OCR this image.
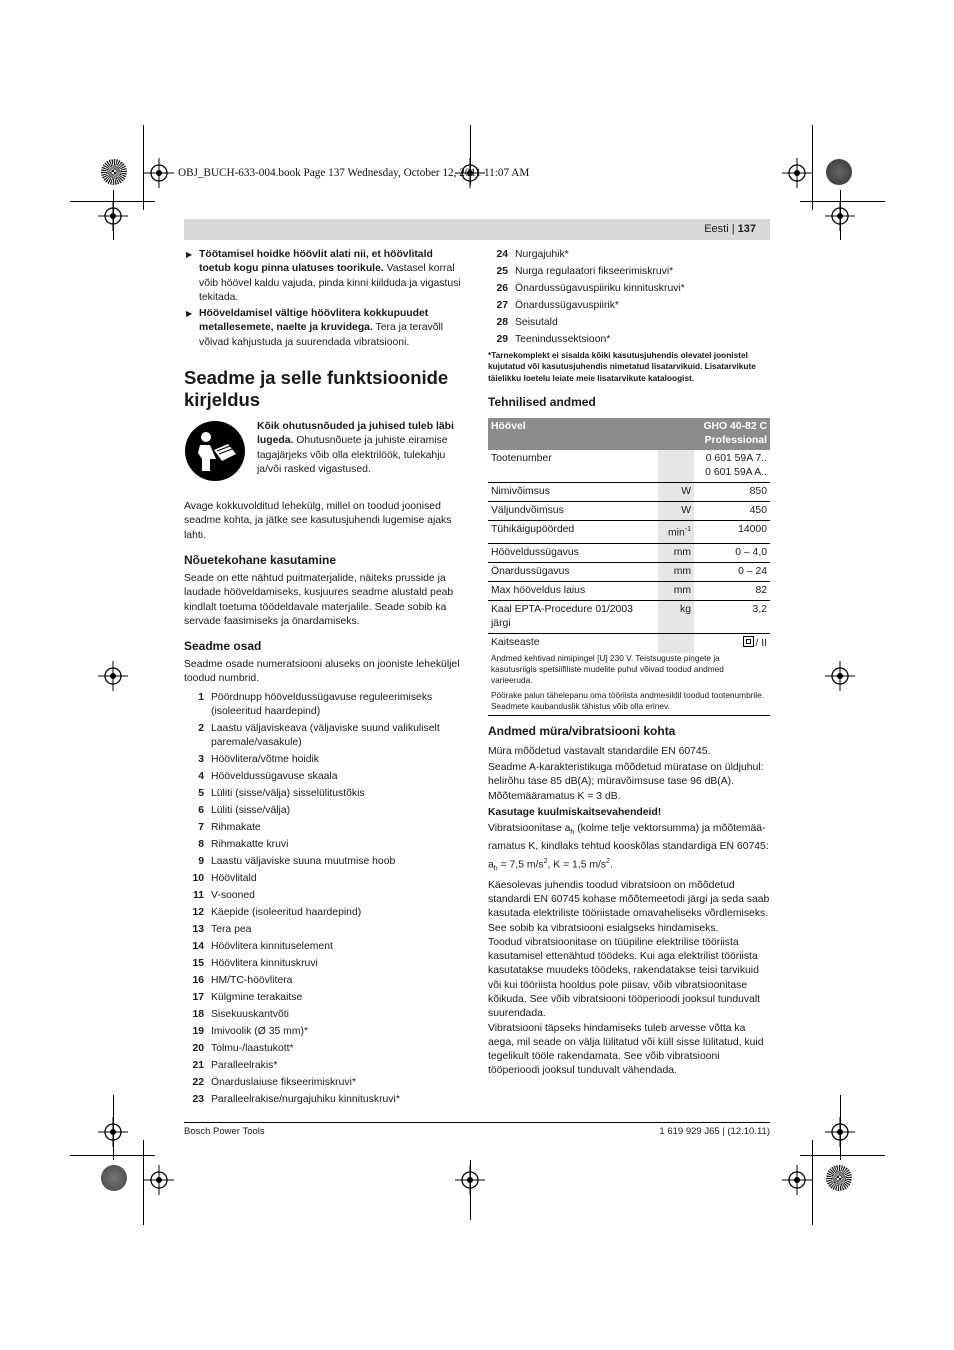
OBJ_BUCH-633-004.book Page 137 Wednesday, October 12, 2011 11:07 AM
Eesti | 137
▶ Töötamisel hoidke höövlit alati nii, et höövlitald toetub kogu pinna ulatuses toorikule. Vastasel korral võib höövel kaldu vajuda, pinda kinni kiilduda ja vigastusi tekitada.
▶ Hööveldamisel vältige höövlitera kokkupuudet metallesemete, naelte ja kruvidega. Tera ja teravõll võivad kahjustuda ja suurendada vibratsiooni.
Seadme ja selle funktsioonide
kirjeldus
Kõik ohutusnõuded ja juhised tuleb läbi lugeda. Ohutusnõuete ja juhiste eiramise tagajärjeks võib olla elektrilöök, tulekahju ja/või rasked vigastused.

Avage kokkuvolditud lehekülg, millel on toodud joonised seadme kohta, ja jätke see kasutusjuhendi lugemise ajaks lahti.

Nõuetekohane kasutamine

Seade on ette nähtud puitmaterjalide, näiteks prusside ja laudade hööveldamiseks, kusjuures seadme alustald peab kindlalt toetuma töödeldavale materjalile. Seade sobib ka servade faasimiseks ja önardamiseks.

Seadme osad

Seadme osade numeratsiooni aluseks on jooniste leheküljel toodud numbrid.

1 Pöördnupp hööveldussügavuse reguleerimiseks (isoleeritud haardepind)
2 Laastu väljaviskeava (väljaviske suund valikuliselt paremale/vasakule)
3 Höövlitera/võtme hoidik
4 Hööveldussügavuse skaala
5 Lüliti (sisse/välja) sisselülitustõkis
6 Lüliti (sisse/välja)
7 Rihmakate
8 Rihmakatte kruvi
9 Laastu väljaviske suuna muutmise hoob
10 Höövlitald
11 V-sooned
12 Käepide (isoleeritud haardepind)
13 Tera pea
14 Höövlitera kinnituselement
15 Höövlitera kinnituskruvi
16 HM/TC-höövlitera
17 Külgmine terakaitse
18 Sisekuuskantvõti
19 Imivoolik (Ø 35 mm)*
20 Tolmu-/laastukott*
21 Paralleelrakis*
22 Önarduslaiuse fikseerimiskruvi*
23 Paralleelrakise/nurgajuhiku kinnituskruvi*
24 Nurgajuhik*
25 Nurga regulaatori fikseerimiskruvi*
26 Önardussügavuspiiriku kinnituskruvi*
27 Önardussügavuspiirik*
28 Seisutald
29 Teenindussektsioon*

*Tarnekomplekt ei sisalda kõiki kasutusjuhendis olevatel joonistel kujutatud või kasutusjuhendis nimetatud lisatarvikuid. Lisatarvikute täielikku loetelu leiate meie lisatarvikute kataloogist.

Tehnilised andmed
Höövel		GHO 40-82 C
Professional
Tootenumber		0 601 59A 7..
0 601 59A A..
Nimivõimsus	W	850
Väljundvõimsus	W	450
Tühikäigupöörded	$\min^{-1}$	14000
Hööveldussügavus	mm	0 – 4,0
Önardussügavus	mm	0 – 24
Max hööveldus laius	mm	82
Kaal EPTA-Procedure 01/2003 järgi	kg	3,2
Kaitseaste		/ II

Andmed kehtivad nimipingel [U] 230 V. Teistsuguste pingete ja kasutusriigis spetsiifiliste mudelite puhul võivad toodud andmed varieeruda.

Pöörake palun tähelepanu oma tööriista andmesildil toodud tootenumbrile. Seadmete kaubanduslik tähistus võib olla erinev.

Andmed müra/vibratsiooni kohta

Müra mõõdetud vastavalt standardile EN 60745.

Seadme A-karakteristikuga mõõdetud müratase on üldjuhul: helirõhu tase 85 dB(A); müravõimsuse tase 96 dB(A). Mõõtemääramatus K = 3 dB.

Kasutage kuulmiskaitsevahendeid!

Vibratsioonitase $a_h$ (kolme telje vektorsumma) ja mõõtemää-ramatus K, kindlaks tehtud kooskõlas standardiga EN 60745: $a_h = 7,5$ $m/s^2$, K = 1,5 $m/s^2$.

Käesolevas juhendis toodud vibratsioon on mõõdetud standardi EN 60745 kohase mõõtemeetodi järgi ja seda saab kasutada elektriliste tööriistade omavaheliseks võrdlemiseks. See sobib ka vibratsiooni esialgseks hindamiseks.

Toodud vibratsioonitase on tüüpiline elektrilise tööriista kasutamisel ettenähtud töödeks. Kui aga elektrilist tööriista kasutatakse muudeks töödeks, rakendatakse teisi tarvikuid või kui tööriista hooldus pole piisav, võib vibratsioonitase kõikuda. See võib vibratsiooni tööperioodi jooksul tunduvalt suurendada.

Vibratsiooni täpseks hindamiseks tuleb arvesse võtta ka aega, mil seade on välja lülitatud või küll sisse lülitatud, kuid tegelikult tööle rakendamata. See võib vibratsiooni tööperioodi jooksul tunduvalt vähendada.

Bosch Power Tools	1 619 929 J65 | (12.10.11)
